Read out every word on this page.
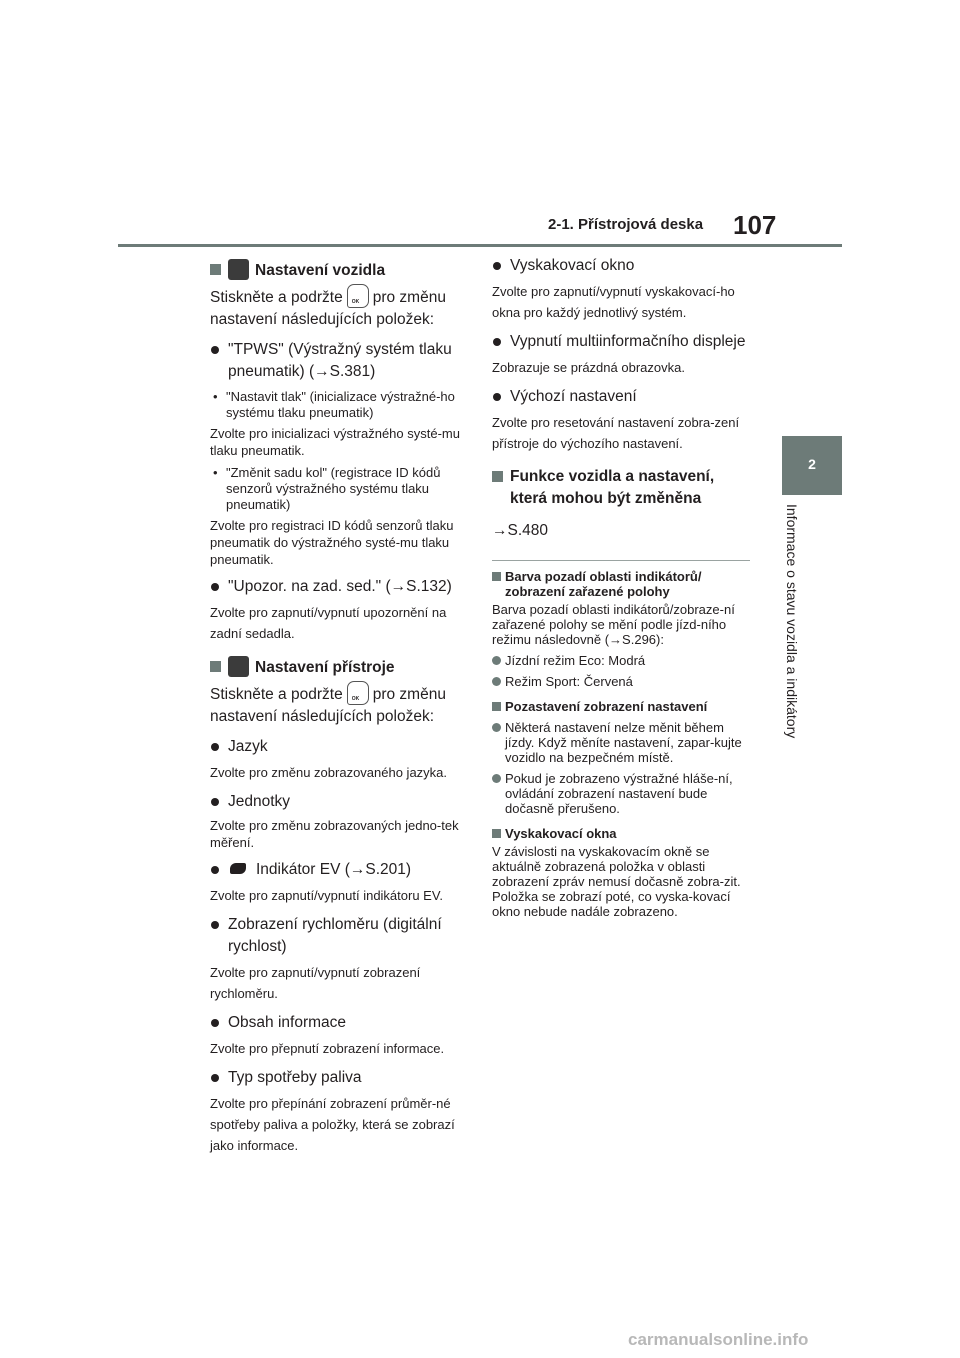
2-1. Přístrojová deska 107
2
Informace o stavu vozidla a indikátory
Nastavení vozidla
Stiskněte a podržte OK pro změnu nastavení následujících položek:
"TPWS" (Výstražný systém tlaku pneumatik) (→S.381)
• "Nastavit tlak" (inicializace výstražné-ho systému tlaku pneumatik)
Zvolte pro inicializaci výstražného systé-mu tlaku pneumatik.
• "Změnit sadu kol" (registrace ID kódů senzorů výstražného systému tlaku pneumatik)
Zvolte pro registraci ID kódů senzorů tlaku pneumatik do výstražného systé-mu tlaku pneumatik.
"Upozor. na zad. sed." (→S.132)
Zvolte pro zapnutí/vypnutí upozornění na zadní sedadla.
Nastavení přístroje
Stiskněte a podržte OK pro změnu nastavení následujících položek:
Jazyk
Zvolte pro změnu zobrazovaného jazyka.
Jednotky
Zvolte pro změnu zobrazovaných jedno-tek měření.
Indikátor EV (→S.201)
Zvolte pro zapnutí/vypnutí indikátoru EV.
Zobrazení rychloměru (digitální rychlost)
Zvolte pro zapnutí/vypnutí zobrazení rychloměru.
Obsah informace
Zvolte pro přepnutí zobrazení informace.
Typ spotřeby paliva
Zvolte pro přepínání zobrazení průměr-né spotřeby paliva a položky, která se zobrazí jako informace.
Vyskakovací okno
Zvolte pro zapnutí/vypnutí vyskakovací-ho okna pro každý jednotlivý systém.
Vypnutí multiinformačního displeje
Zobrazuje se prázdná obrazovka.
Výchozí nastavení
Zvolte pro resetování nastavení zobra-zení přístroje do výchozího nastavení.
Funkce vozidla a nastavení, která mohou být změněna
→S.480
Barva pozadí oblasti indikátorů/ zobrazení zařazené polohy
Barva pozadí oblasti indikátorů/zobraze-ní zařazené polohy se mění podle jízd-ního režimu následovně (→S.296):
Jízdní režim Eco: Modrá
Režim Sport: Červená
Pozastavení zobrazení nastavení
Některá nastavení nelze měnit během jízdy. Když měníte nastavení, zapar-kujte vozidlo na bezpečném místě.
Pokud je zobrazeno výstražné hláše-ní, ovládání zobrazení nastavení bude dočasně přerušeno.
Vyskakovací okna
V závislosti na vyskakovacím okně se aktuálně zobrazená položka v oblasti zobrazení zpráv nemusí dočasně zobra-zit. Položka se zobrazí poté, co vyska-kovací okno nebude nadále zobrazeno.
carmanualsonline.info
